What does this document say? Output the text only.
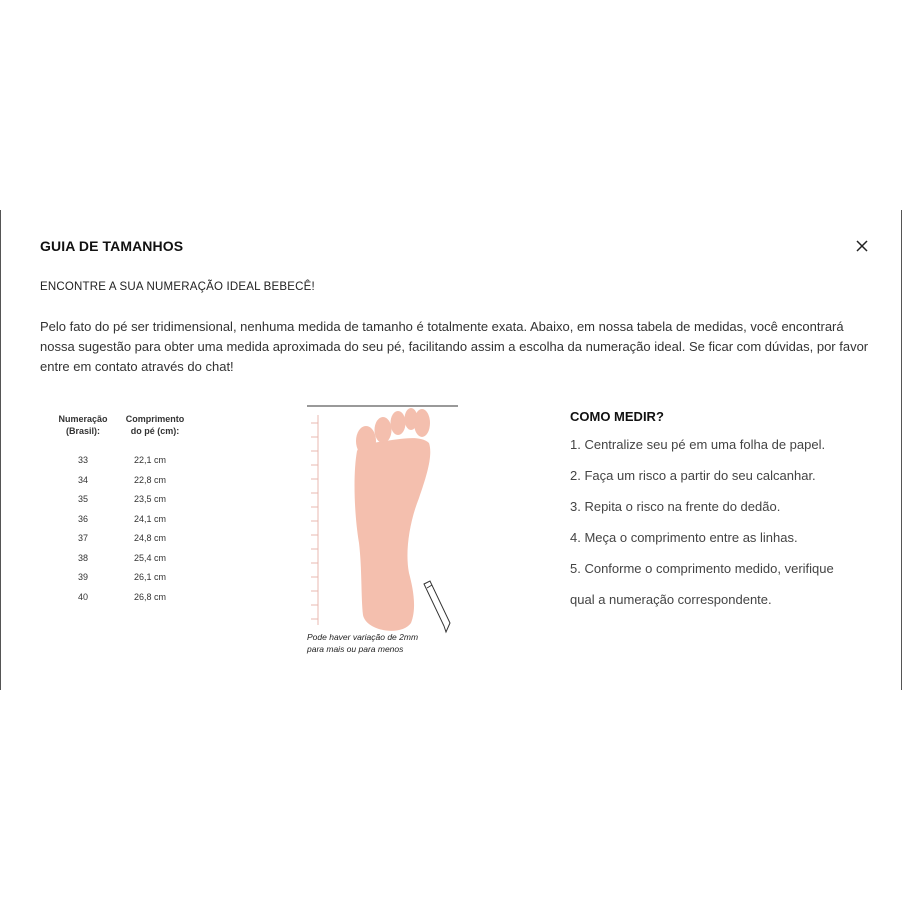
GUIA DE TAMANHOS
ENCONTRE A SUA NUMERAÇÃO IDEAL BEBECÊ!
Pelo fato do pé ser tridimensional, nenhuma medida de tamanho é totalmente exata. Abaixo, em nossa tabela de medidas, você encontrará nossa sugestão para obter uma medida aproximada do seu pé, facilitando assim a escolha da numeração ideal. Se ficar com dúvidas, por favor entre em contato através do chat!
Numeração
(Brasil):
Comprimento
do pé (cm):
33	22,1 cm
34	22,8 cm
35	23,5 cm
36	24,1 cm
37	24,8 cm
38	25,4 cm
39	26,1 cm
40	26,8 cm
Pode haver variação de 2mm
para mais ou para menos
COMO MEDIR?
1. Centralize seu pé em uma folha de papel.
2. Faça um risco a partir do seu calcanhar.
3. Repita o risco na frente do dedão.
4. Meça o comprimento entre as linhas.
5. Conforme o comprimento medido, verifique
qual a numeração correspondente.
